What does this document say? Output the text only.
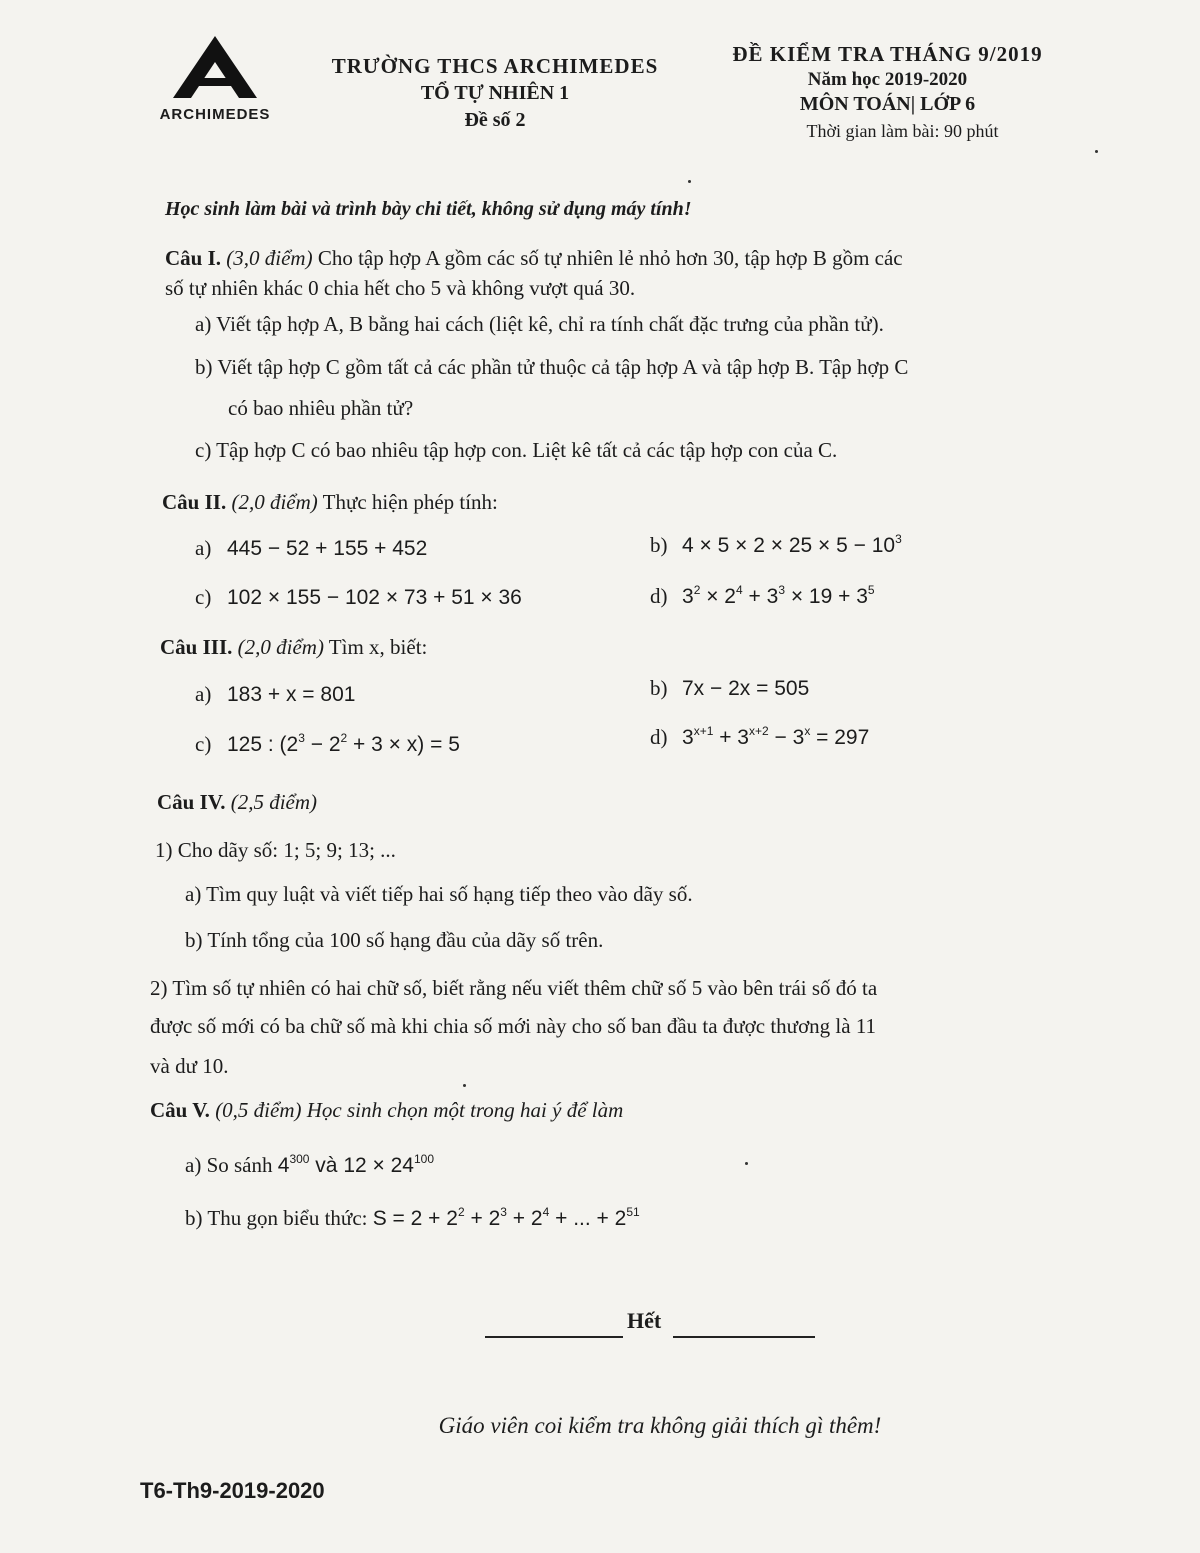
ARCHIMEDES
TRƯỜNG THCS ARCHIMEDES
TỔ TỰ NHIÊN 1
Đề số 2
ĐỀ KIỂM TRA THÁNG 9/2019
Năm học 2019-2020
MÔN TOÁN| LỚP 6
Thời gian làm bài: 90 phút
Học sinh làm bài và trình bày chi tiết, không sử dụng máy tính!
Câu I. (3,0 điểm) Cho tập hợp A gồm các số tự nhiên lẻ nhỏ hơn 30, tập hợp B gồm các
số tự nhiên khác 0 chia hết cho 5 và không vượt quá 30.
a) Viết tập hợp A, B bằng hai cách (liệt kê, chỉ ra tính chất đặc trưng của phần tử).
b) Viết tập hợp C gồm tất cả các phần tử thuộc cả tập hợp A và tập hợp B. Tập hợp C
có bao nhiêu phần tử?
c) Tập hợp C có bao nhiêu tập hợp con. Liệt kê tất cả các tập hợp con của C.
Câu II. (2,0 điểm) Thực hiện phép tính:
a) 445 − 52 + 155 + 452	b) $4 \times 5 \times 2 \times 25 \times 5 - 10^3$
c) 102 × 155 − 102 × 73 + 51 × 36	d) $3^2 \times 2^4 + 3^3 \times 19 + 3^5$
Câu III. (2,0 điểm) Tìm x, biết:
a) 183 + x = 801	b) 7x − 2x = 505
c) 125 : $(2^3 - 2^2 + 3 \times x) = 5$	d) $3^{x+1} + 3^{x+2} - 3^x = 297$
Câu IV. (2,5 điểm)
1) Cho dãy số: 1; 5; 9; 13; ...
a) Tìm quy luật và viết tiếp hai số hạng tiếp theo vào dãy số.
b) Tính tổng của 100 số hạng đầu của dãy số trên.
2) Tìm số tự nhiên có hai chữ số, biết rằng nếu viết thêm chữ số 5 vào bên trái số đó ta
được số mới có ba chữ số mà khi chia số mới này cho số ban đầu ta được thương là 11
và dư 10.
Câu V. (0,5 điểm) Học sinh chọn một trong hai ý để làm
a) So sánh $4^{300}$ và $12 \times 24^{100}$
b) Thu gọn biểu thức: $S = 2 + 2^2 + 2^3 + 2^4$ + ... + $2^{51}$
Hết
Giáo viên coi kiểm tra không giải thích gì thêm!
T6-Th9-2019-2020
